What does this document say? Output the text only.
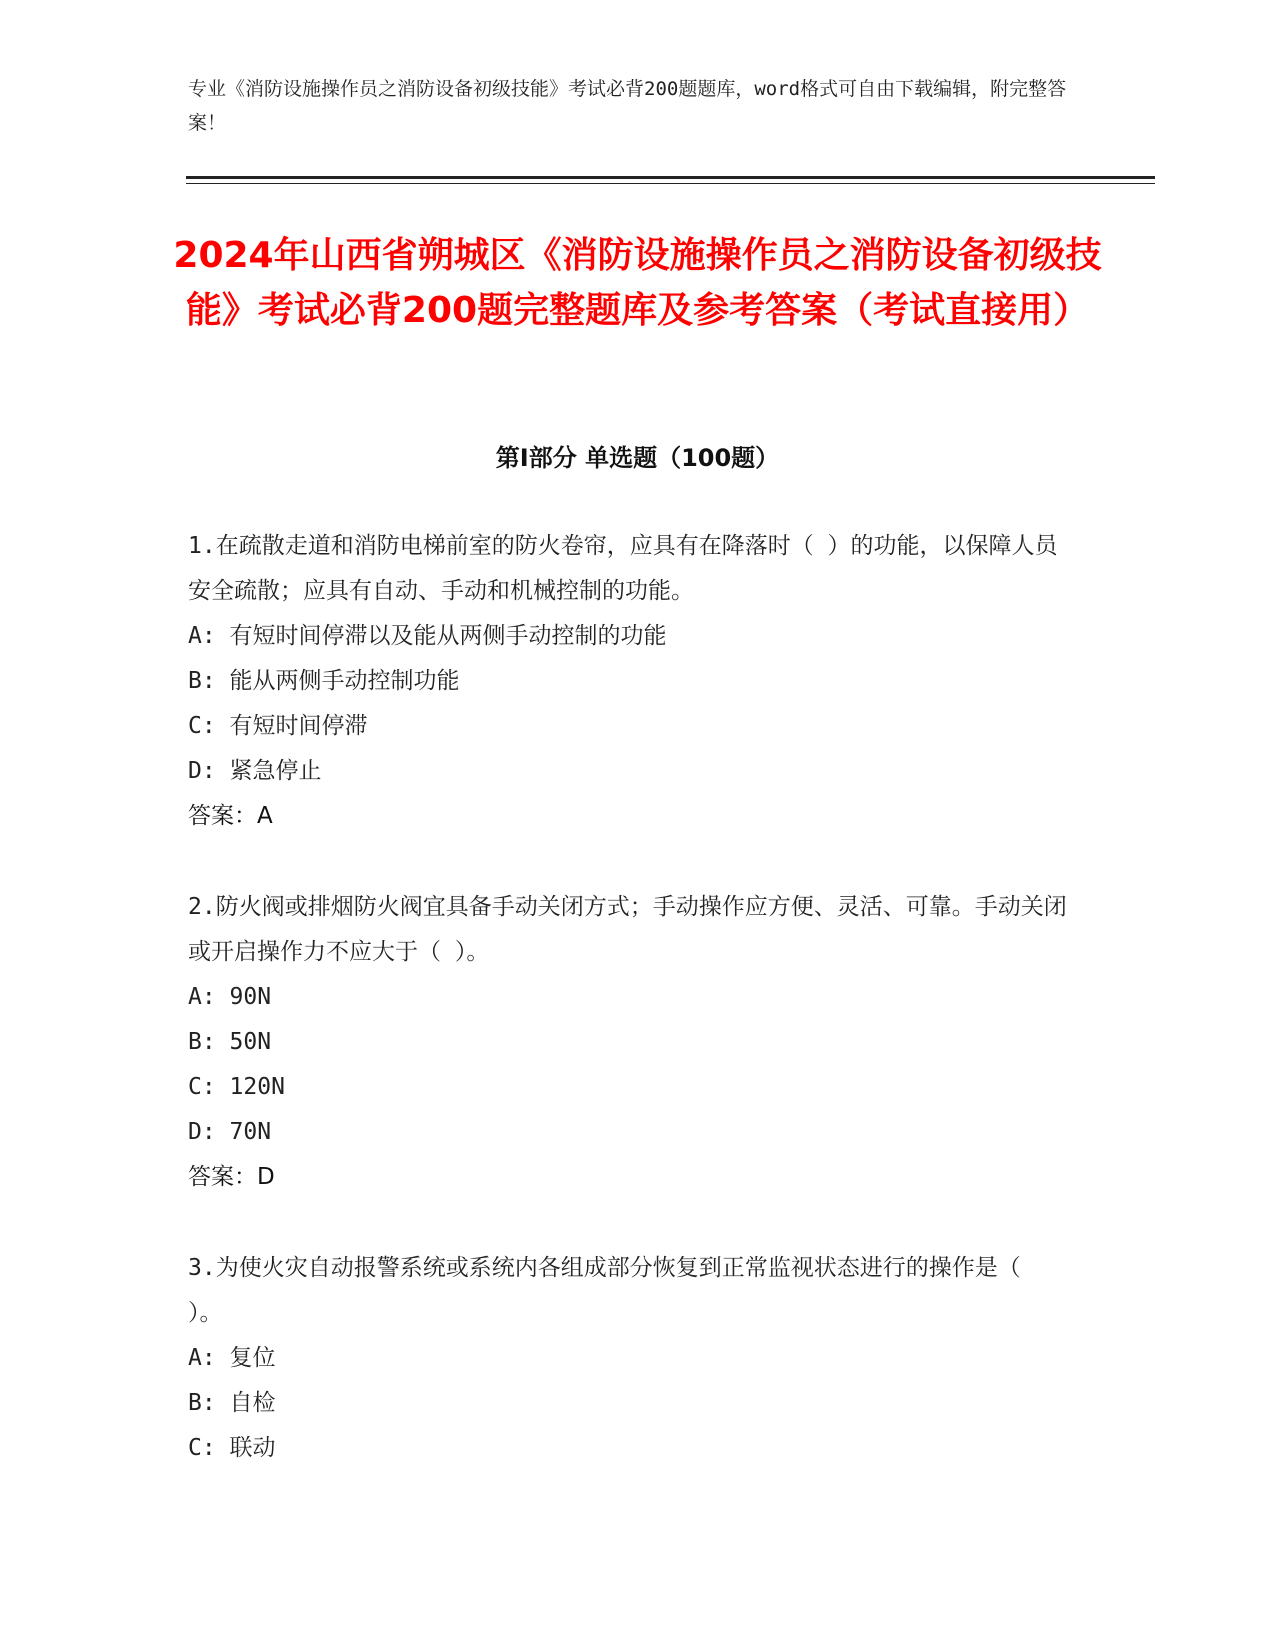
专业《消防设施操作员之消防设备初级技能》考试必背200题题库，word格式可自由下载编辑，附完整答案！
2024年山西省朔城区《消防设施操作员之消防设备初级技能》考试必背200题完整题库及参考答案（考试直接用）
第Ⅰ部分 单选题（100题）
1.在疏散走道和消防电梯前室的防火卷帘，应具有在降落时（ ）的功能，以保障人员安全疏散；应具有自动、手动和机械控制的功能。
A: 有短时间停滞以及能从两侧手动控制的功能
B: 能从两侧手动控制功能
C: 有短时间停滞
D: 紧急停止
答案：A
2.防火阀或排烟防火阀宜具备手动关闭方式；手动操作应方便、灵活、可靠。手动关闭或开启操作力不应大于（ ）。
A: 90N
B: 50N
C: 120N
D: 70N
答案：D
3.为使火灾自动报警系统或系统内各组成部分恢复到正常监视状态进行的操作是（ ）。
A: 复位
B: 自检
C: 联动
